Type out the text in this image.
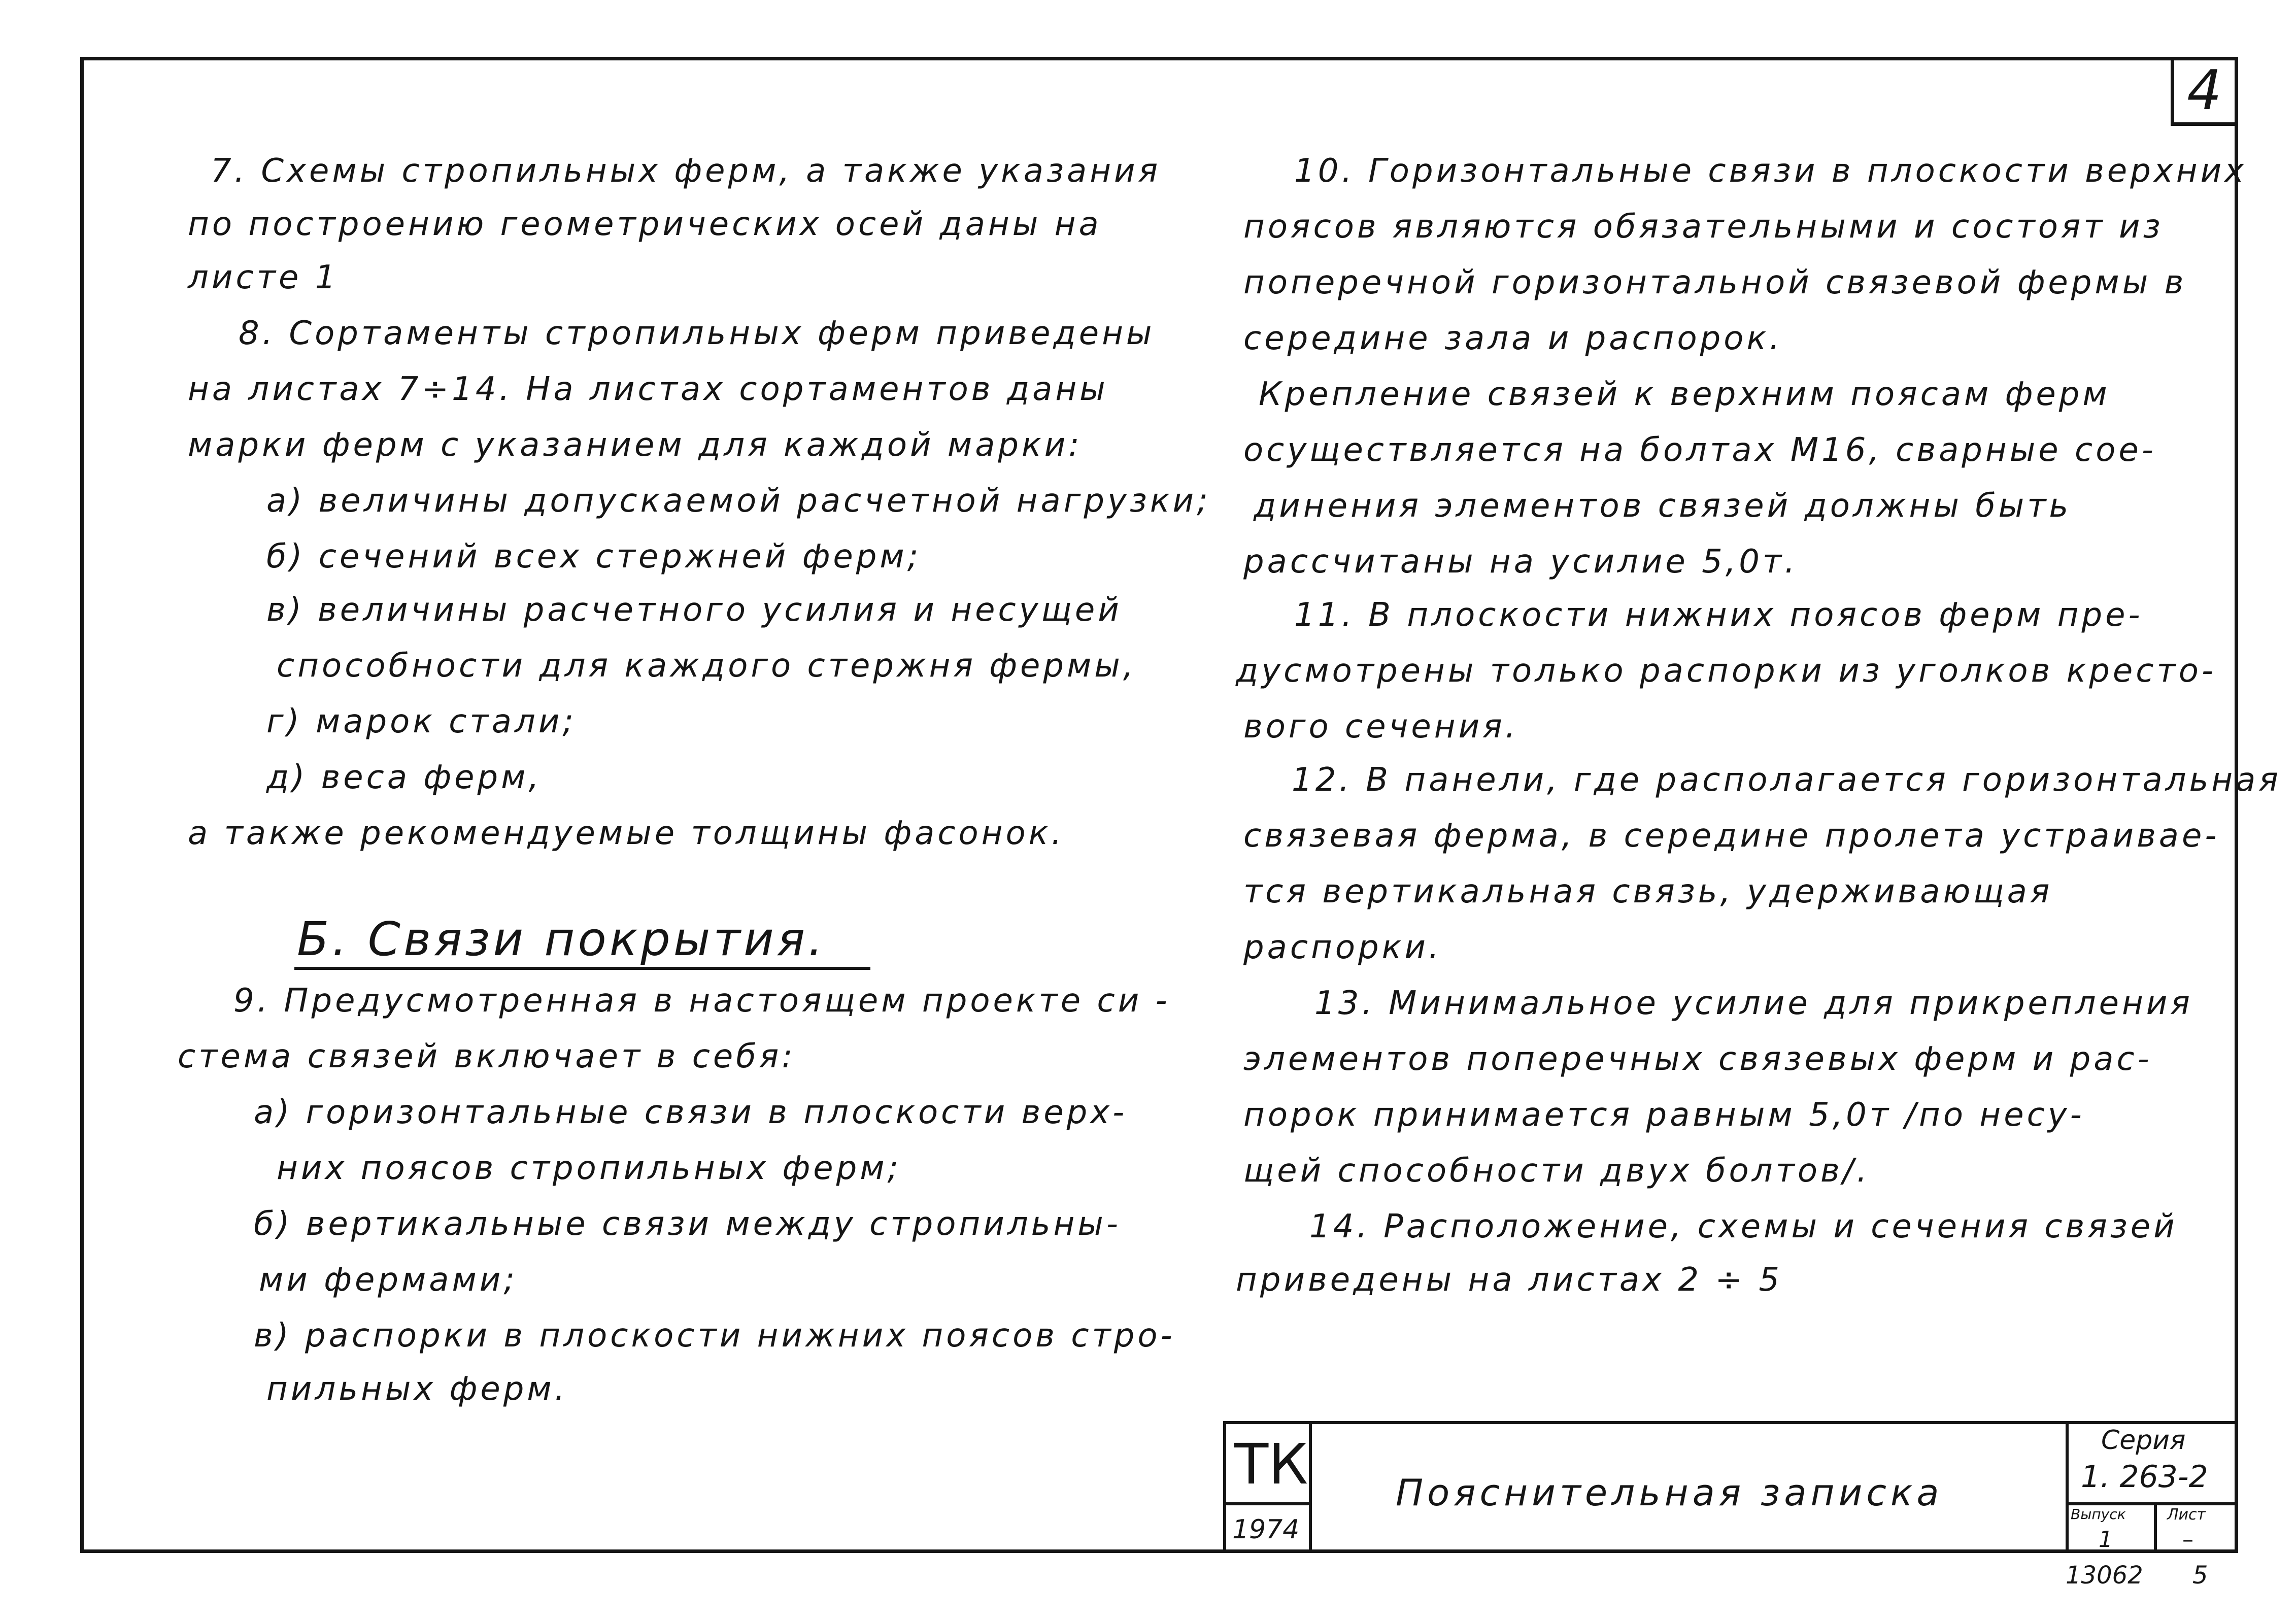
4
7. Схемы стропильных ферм, а также указания
по построению геометрических осей даны на
листе 1
8. Сортаменты стропильных ферм приведены
на листах 7÷14. На листах сортаментов даны
марки ферм с указанием для каждой марки:
а) величины допускаемой расчетной нагрузки;
б) сечений всех стержней ферм;
в) величины расчетного усилия и несущей
способности для каждого стержня фермы,
г) марок стали;
д) веса ферм,
а также рекомендуемые толщины фасонок.
Б. Связи покрытия.
9. Предусмотренная в настоящем проекте си -
стема связей включает в себя:
а) горизонтальные связи в плоскости верх-
них поясов стропильных ферм;
б) вертикальные связи между стропильны-
ми фермами;
в) распорки в плоскости нижних поясов стро-
пильных ферм.
10. Горизонтальные связи в плоскости верхних
поясов являются обязательными и состоят из
поперечной горизонтальной связевой фермы в
середине зала и распорок.
Крепление связей к верхним поясам ферм
осуществляется на болтах М16, сварные сое-
динения элементов связей должны быть
рассчитаны на усилие 5,0т.
11. В плоскости нижних поясов ферм пре-
дусмотрены только распорки из уголков крестo-
вого сечения.
12. В панели, где располагается горизонтальная
связевая ферма, в середине пролета устраивае-
тся вертикальная связь, удерживающая
распорки.
13. Минимальное усилие для прикрепления
элементов поперечных связевых ферм и рас-
порок принимается равным 5,0т /по несу-
щей способности двух болтов/.
14. Расположение, схемы и сечения связей
приведены на листах 2 ÷ 5
ТК
1974
Пояснительная записка
Серия
1. 263-2
Выпуск
1
Лист
–
13062 5
